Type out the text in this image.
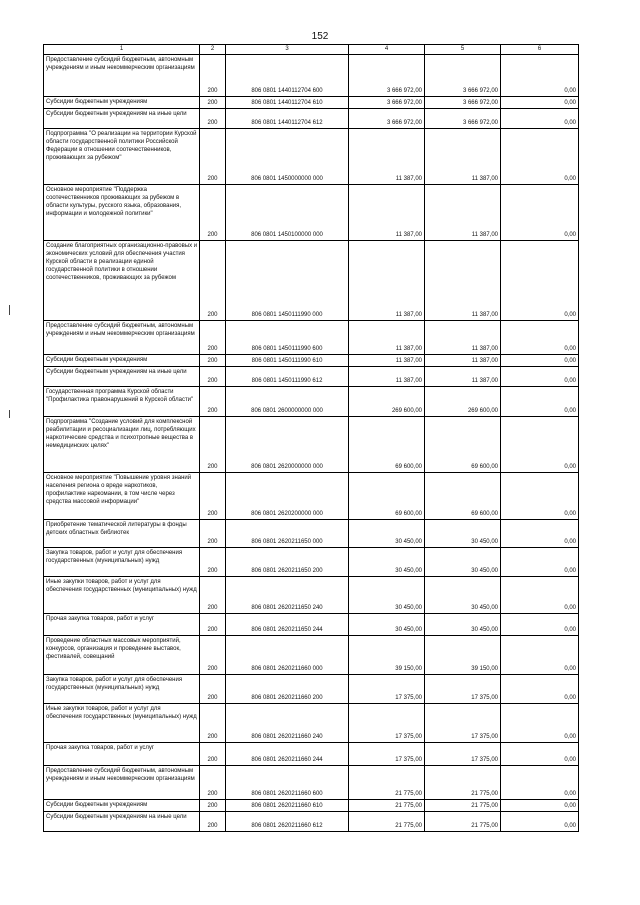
152
1	2	3	4	5	6
Предоставление субсидий бюджетным, автономным учреждениям и иным некоммерческим организациям	200	806 0801 1440112704 600	3 666 972,00	3 666 972,00	0,00
Субсидии бюджетным учреждениям	200	806 0801 1440112704 610	3 666 972,00	3 666 972,00	0,00
Субсидии бюджетным учреждениям на иные цели	200	806 0801 1440112704 612	3 666 972,00	3 666 972,00	0,00
Подпрограмма "О реализации на территории Курской области государственной политики Российской Федерации в отношении соотечественников, проживающих за рубежом"	200	806 0801 1450000000 000	11 387,00	11 387,00	0,00
Основное мероприятие "Поддержка соотечественников проживающих за рубежом в области культуры, русского языка, образования, информации и молодежной политики"	200	806 0801 1450100000 000	11 387,00	11 387,00	0,00
Создание благоприятных организационно-правовых и экономических условий для обеспечения участия Курской области в реализации единой государственной политики в отношении соотечественников, проживающих за рубежом	200	806 0801 1450111990 000	11 387,00	11 387,00	0,00
Предоставление субсидий бюджетным, автономным учреждениям и иным некоммерческим организациям	200	806 0801 1450111990 600	11 387,00	11 387,00	0,00
Субсидии бюджетным учреждениям	200	806 0801 1450111990 610	11 387,00	11 387,00	0,00
Субсидии бюджетным учреждениям на иные цели	200	806 0801 1450111990 612	11 387,00	11 387,00	0,00
Государственная программа Курской области "Профилактика правонарушений в Курской области"	200	806 0801 2600000000 000	269 600,00	269 600,00	0,00
Подпрограмма "Создание условий для комплексной реабилитации и ресоциализации лиц, потребляющих наркотические средства и психотропные вещества в немедицинских целях"	200	806 0801 2620000000 000	69 600,00	69 600,00	0,00
Основное мероприятие "Повышение уровня знаний населения региона о вреде наркотиков, профилактике наркомании, в том числе через средства массовой информации"	200	806 0801 2620200000 000	69 600,00	69 600,00	0,00
Приобретение тематической литературы в фонды детских областных библиотек	200	806 0801 2620211650 000	30 450,00	30 450,00	0,00
Закупка товаров, работ и услуг для обеспечения государственных (муниципальных) нужд	200	806 0801 2620211650 200	30 450,00	30 450,00	0,00
Иные закупки товаров, работ и услуг для обеспечения государственных (муниципальных) нужд	200	806 0801 2620211650 240	30 450,00	30 450,00	0,00
Прочая закупка товаров, работ и услуг	200	806 0801 2620211650 244	30 450,00	30 450,00	0,00
Проведение областных массовых мероприятий, конкурсов, организация и проведение выставок, фестивалей, совещаний	200	806 0801 2620211660 000	39 150,00	39 150,00	0,00
Закупка товаров, работ и услуг для обеспечения государственных (муниципальных) нужд	200	806 0801 2620211660 200	17 375,00	17 375,00	0,00
Иные закупки товаров, работ и услуг для обеспечения государственных (муниципальных) нужд	200	806 0801 2620211660 240	17 375,00	17 375,00	0,00
Прочая закупка товаров, работ и услуг	200	806 0801 2620211660 244	17 375,00	17 375,00	0,00
Предоставление субсидий бюджетным, автономным учреждениям и иным некоммерческим организациям	200	806 0801 2620211660 600	21 775,00	21 775,00	0,00
Субсидии бюджетным учреждениям	200	806 0801 2620211660 610	21 775,00	21 775,00	0,00
Субсидии бюджетным учреждениям на иные цели	200	806 0801 2620211660 612	21 775,00	21 775,00	0,00
